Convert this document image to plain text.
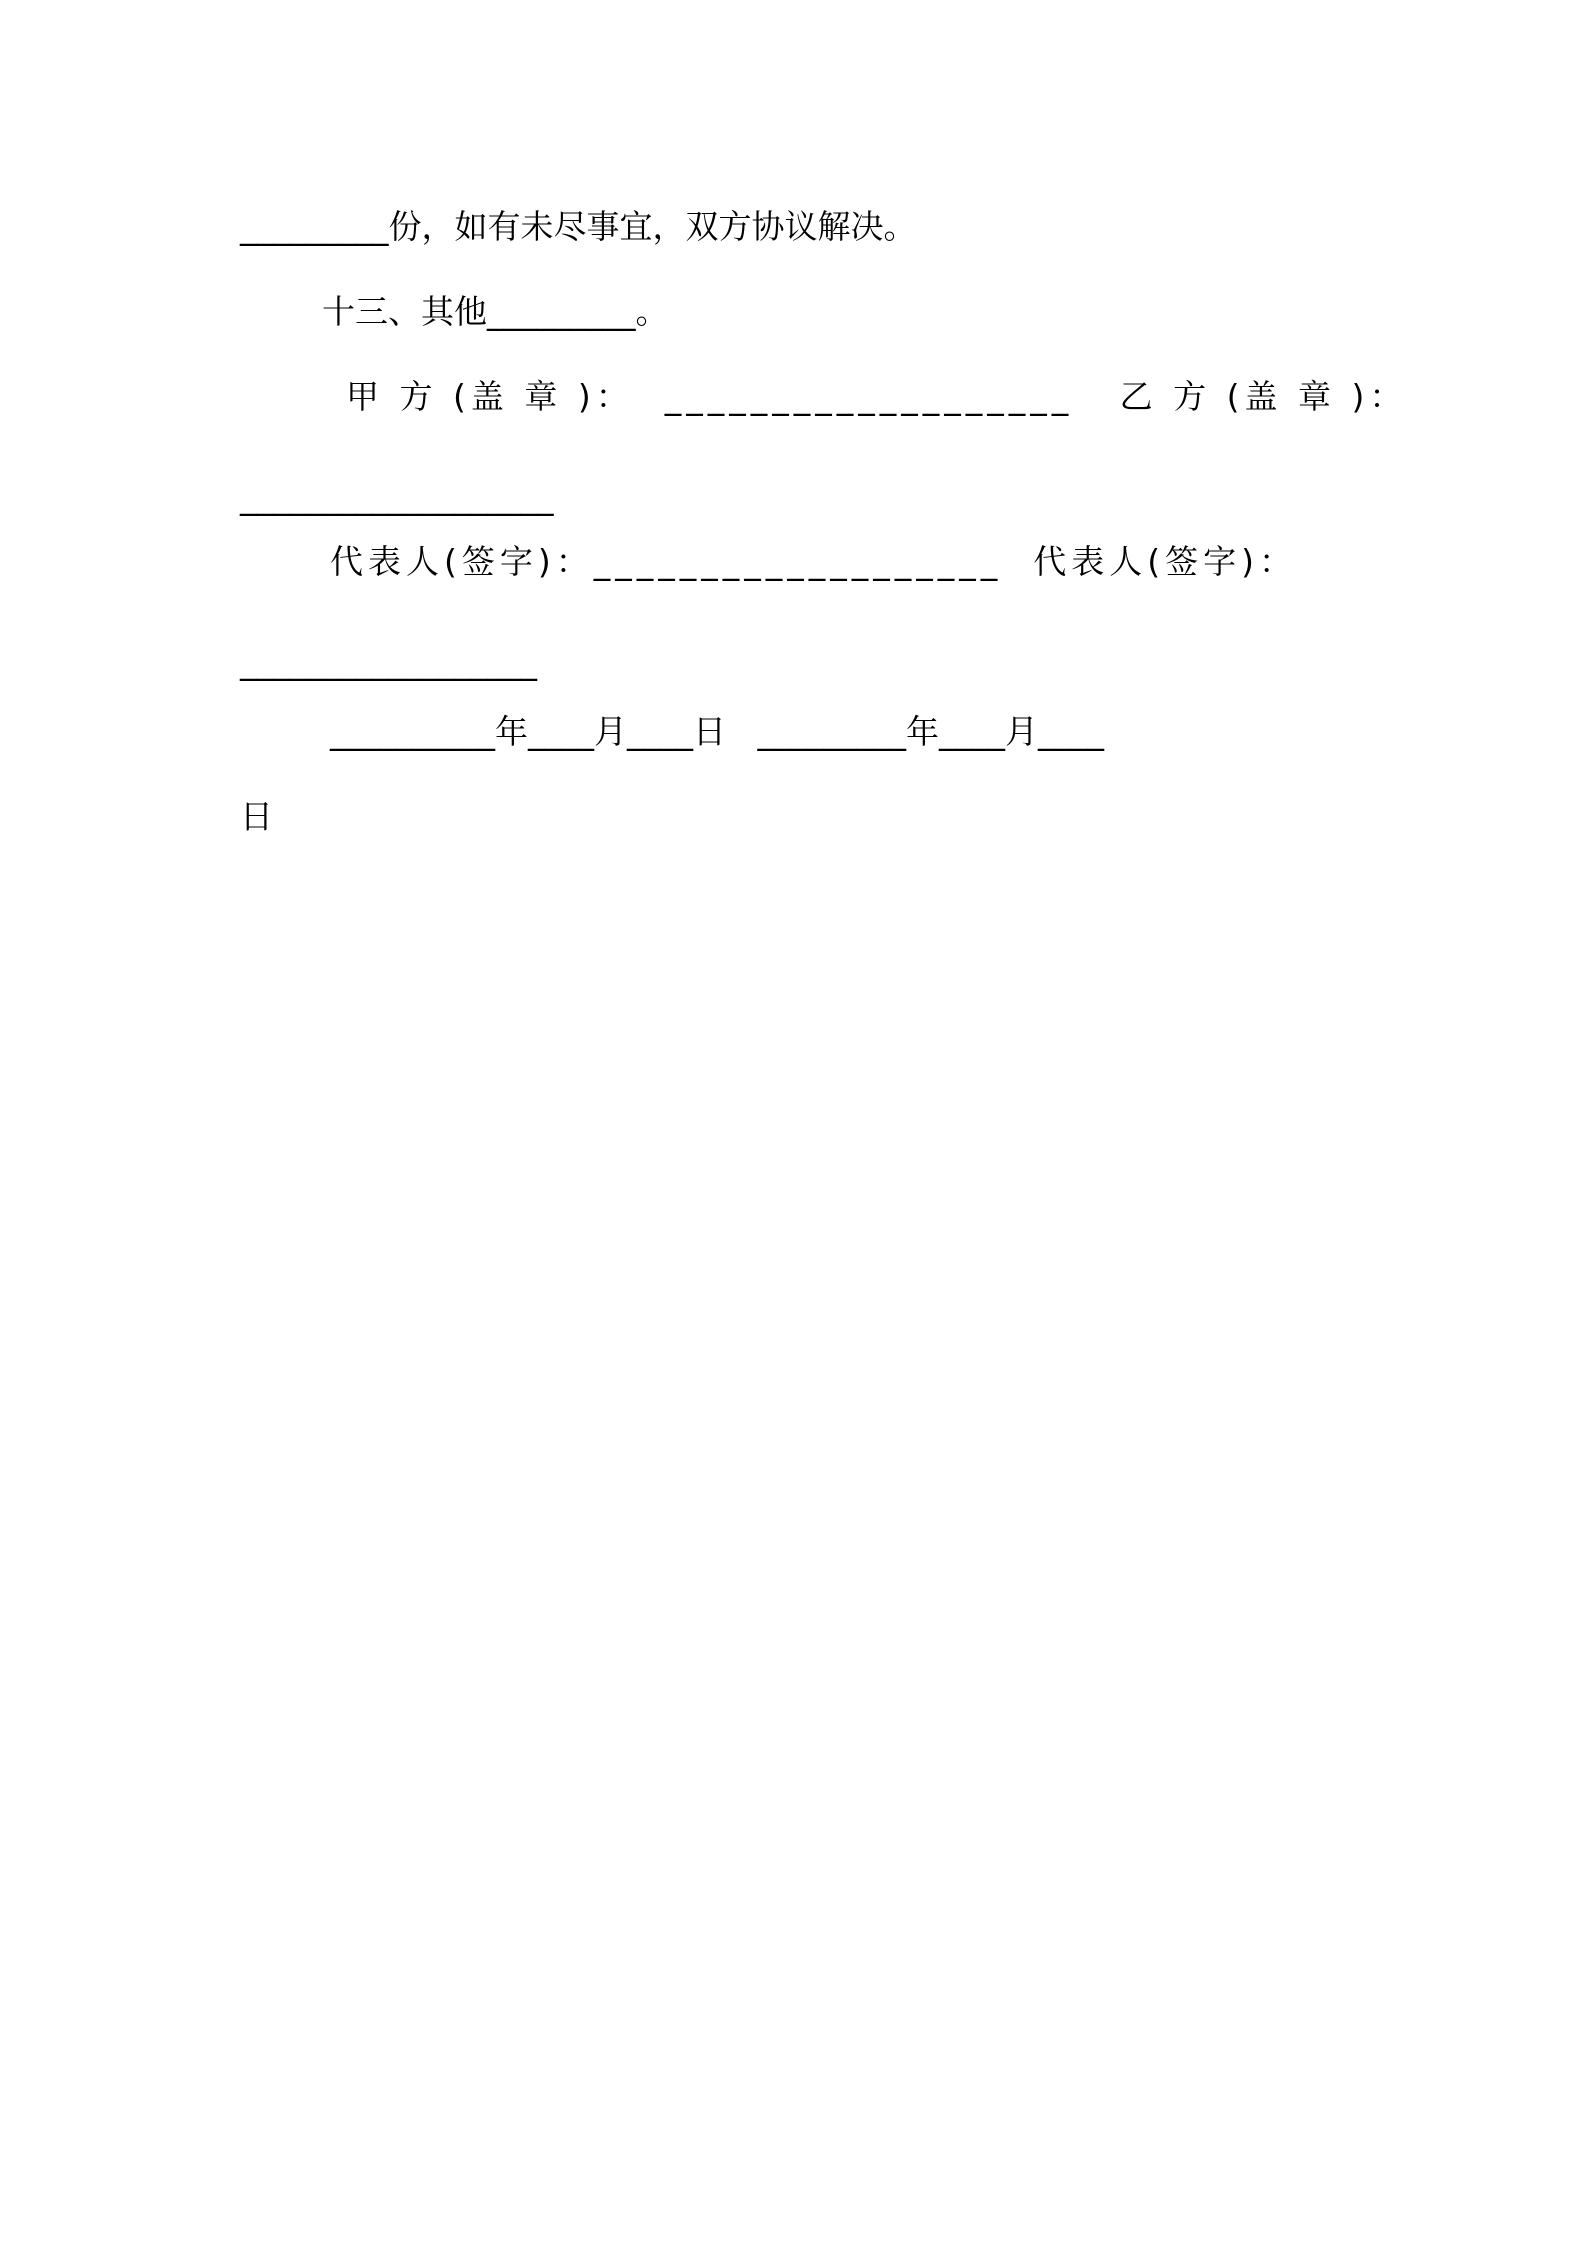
_________份，如有未尽事宜，双方协议解决。
十三、其他_________。
甲 方 (盖 章 )：  ___________________   乙 方 (盖 章 )：
___________________
代表人(签字)：___________________  代表人(签字)：
__________________
__________年____月____日   _________年____月____
日
